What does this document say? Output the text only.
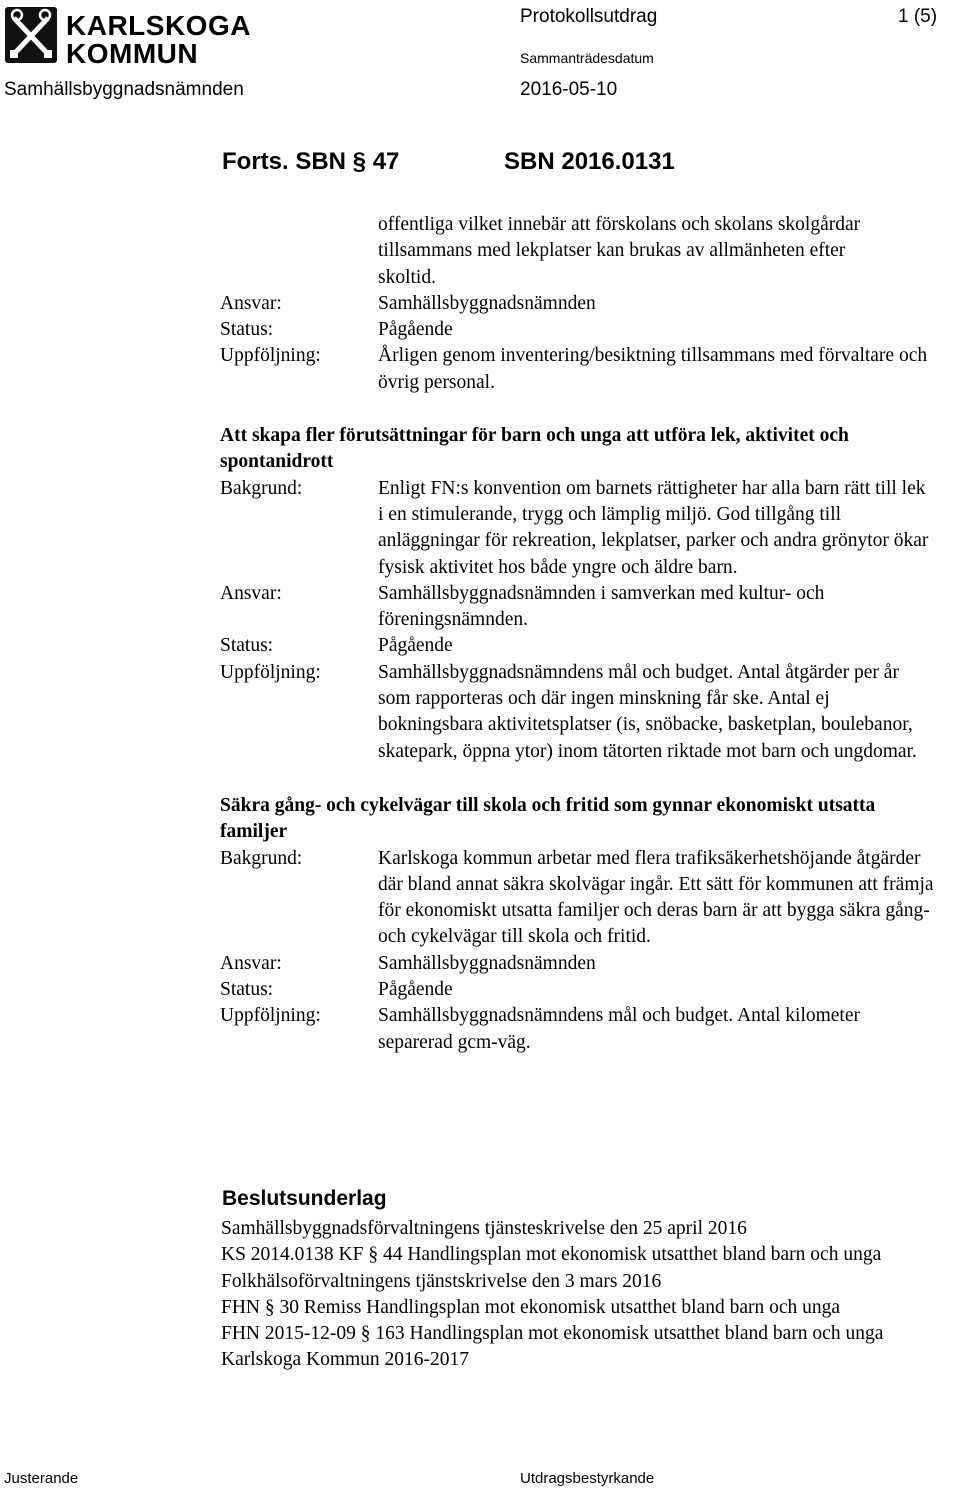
KARLSKOGA
KOMMUN
Protokollsutdrag	1 (5)
Sammanträdesdatum
2016-05-10
Samhällsbyggnadsnämnden
Forts. SBN § 47	SBN 2016.0131
offentliga vilket innebär att förskolans och skolans skolgårdar
tillsammans med lekplatser kan brukas av allmänheten efter
skoltid.
Ansvar:	Samhällsbyggnadsnämnden
Status:	Pågående
Uppföljning:	Årligen genom inventering/besiktning tillsammans med förvaltare och övrig personal.
Att skapa fler förutsättningar för barn och unga att utföra lek, aktivitet och spontanidrott
Bakgrund:	Enligt FN:s konvention om barnets rättigheter har alla barn rätt till lek i en stimulerande, trygg och lämplig miljö. God tillgång till anläggningar för rekreation, lekplatser, parker och andra grönytor ökar fysisk aktivitet hos både yngre och äldre barn.
Ansvar:	Samhällsbyggnadsnämnden i samverkan med kultur- och föreningsnämnden.
Status:	Pågående
Uppföljning:	Samhällsbyggnadsnämndens mål och budget. Antal åtgärder per år som rapporteras och där ingen minskning får ske. Antal ej bokningsbara aktivitetsplatser (is, snöbacke, basketplan, boulebanor, skatepark, öppna ytor) inom tätorten riktade mot barn och ungdomar.
Säkra gång- och cykelvägar till skola och fritid som gynnar ekonomiskt utsatta familjer
Bakgrund:	Karlskoga kommun arbetar med flera trafiksäkerhetshöjande åtgärder där bland annat säkra skolvägar ingår. Ett sätt för kommunen att främja för ekonomiskt utsatta familjer och deras barn är att bygga säkra gång- och cykelvägar till skola och fritid.
Ansvar:	Samhällsbyggnadsnämnden
Status:	Pågående
Uppföljning:	Samhällsbyggnadsnämndens mål och budget. Antal kilometer separerad gcm-väg.
Beslutsunderlag
Samhällsbyggnadsförvaltningens tjänsteskrivelse den 25 april 2016
KS 2014.0138 KF § 44 Handlingsplan mot ekonomisk utsatthet bland barn och unga
Folkhälsoförvaltningens tjänstskrivelse den 3 mars 2016
FHN § 30 Remiss Handlingsplan mot ekonomisk utsatthet bland barn och unga
FHN 2015-12-09 § 163 Handlingsplan mot ekonomisk utsatthet bland barn och unga Karlskoga Kommun 2016-2017
Justerande	Utdragsbestyrkande
